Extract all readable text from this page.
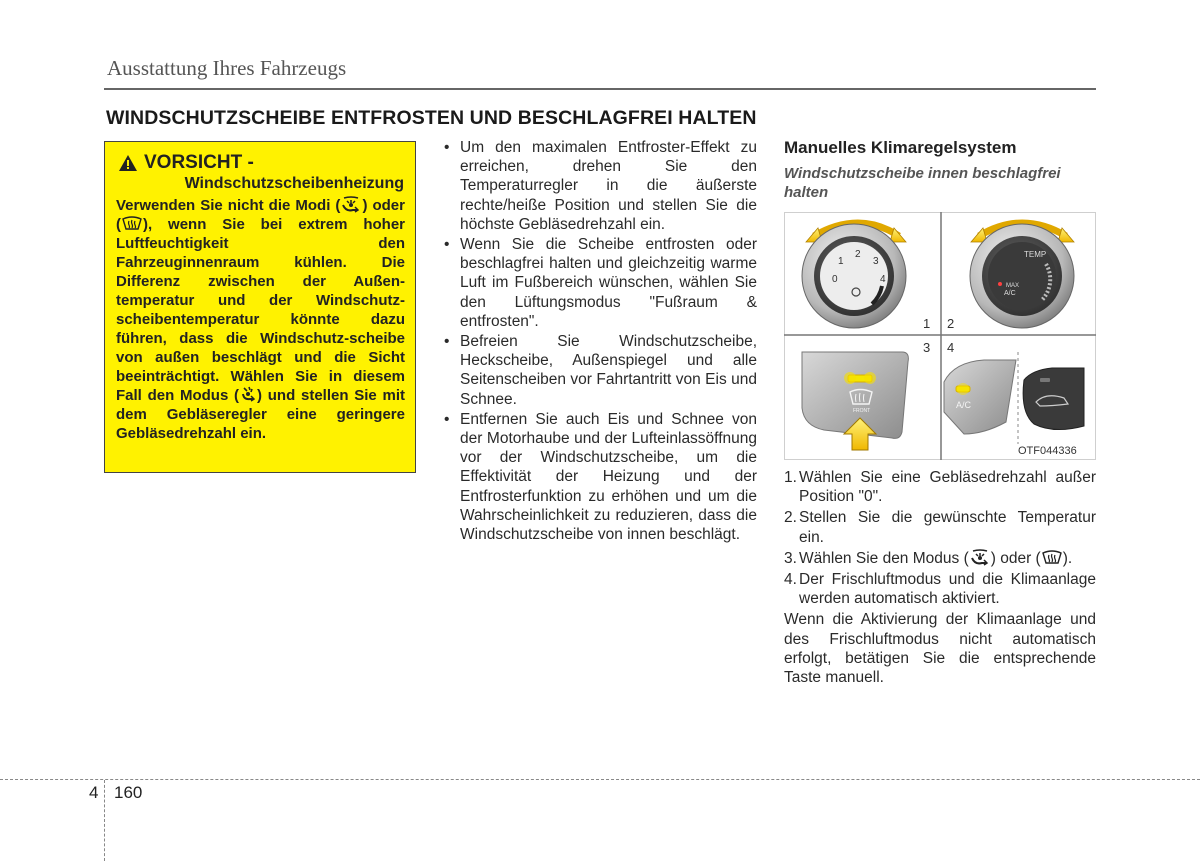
Ausstattung Ihres Fahrzeugs
WINDSCHUTZSCHEIBE ENTFROSTEN UND BESCHLAGFREI HALTEN
VORSICHT -
Windschutzscheibenheizung
Verwenden Sie nicht die Modi ( ) oder ( ), wenn Sie bei extrem hoher Luftfeuchtigkeit den Fahrzeuginnenraum kühlen. Die Differenz zwischen der Außen-temperatur und der Windschutz-scheibentemperatur könnte dazu führen, dass die Windschutz-scheibe von außen beschlägt und die Sicht beeinträchtigt. Wählen Sie in diesem Fall den Modus ( ) und stellen Sie mit dem Gebläseregler eine geringere Gebläsedrehzahl ein.
• Um den maximalen Entfroster-Effekt zu erreichen, drehen Sie den Temperaturregler in die äußerste rechte/heiße Position und stellen Sie die höchste Gebläsedrehzahl ein.
• Wenn Sie die Scheibe entfrosten oder beschlagfrei halten und gleichzeitig warme Luft im Fußbereich wünschen, wählen Sie den Lüftungsmodus "Fußraum & entfrosten".
• Befreien Sie Windschutzscheibe, Heckscheibe, Außenspiegel und alle Seitenscheiben vor Fahrtantritt von Eis und Schnee.
• Entfernen Sie auch Eis und Schnee von der Motorhaube und der Lufteinlassöffnung vor der Windschutzscheibe, um die Effektivität der Heizung und der Entfrosterfunktion zu erhöhen und um die Wahrscheinlichkeit zu reduzieren, dass die Windschutzscheibe von innen beschlägt.
Manuelles Klimaregelsystem
Windschutzscheibe innen beschlagfrei halten
0
1
2
3
4
TEMP
MAX
A/C
1 2
3 4
FRONT
A/C
OTF044336
1. Wählen Sie eine Gebläsedrehzahl außer Position "0".
2. Stellen Sie die gewünschte Temperatur ein.
3. Wählen Sie den Modus ( ) oder ( ).
4. Der Frischluftmodus und die Klimaanlage werden automatisch aktiviert.
Wenn die Aktivierung der Klimaanlage und des Frischluftmodus nicht automatisch erfolgt, betätigen Sie die entsprechende Taste manuell.
4 160
